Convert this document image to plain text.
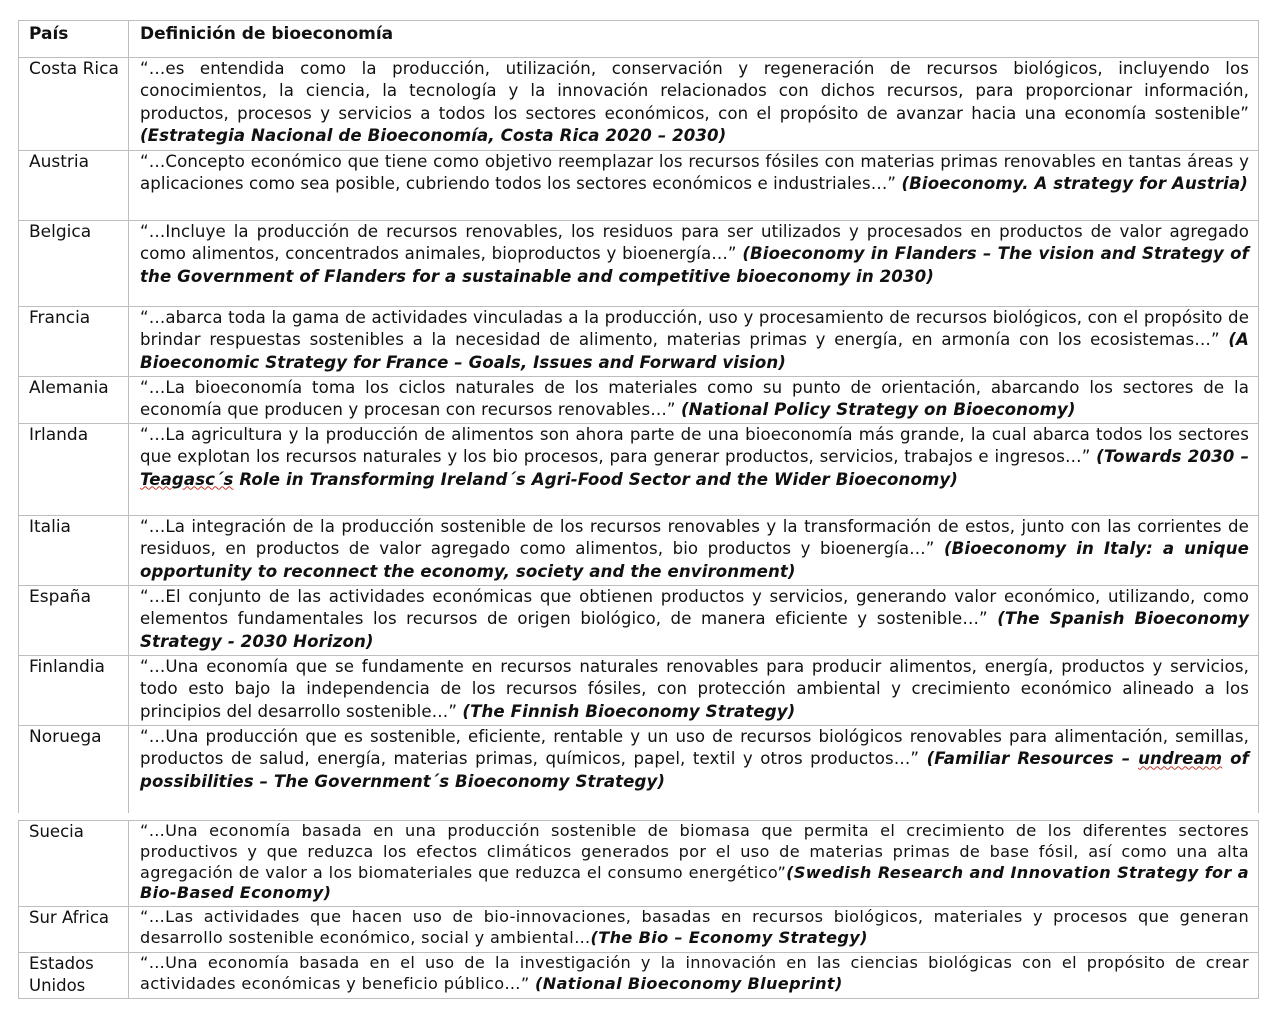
País	Definición de bioeconomía
Costa Rica	“…es entendida como la producción, utilización, conservación y regeneración de recursos biológicos, incluyendo los conocimientos, la ciencia, la tecnología y la innovación relacionados con dichos recursos, para proporcionar información, productos, procesos y servicios a todos los sectores económicos, con el propósito de avanzar hacia una economía sostenible” (Estrategia Nacional de Bioeconomía, Costa Rica 2020 – 2030)
Austria	“…Concepto económico que tiene como objetivo reemplazar los recursos fósiles con materias primas renovables en tantas áreas y aplicaciones como sea posible, cubriendo todos los sectores económicos e industriales…” (Bioeconomy. A strategy for Austria)
Belgica	“…Incluye la producción de recursos renovables, los residuos para ser utilizados y procesados en productos de valor agregado como alimentos, concentrados animales, bioproductos y bioenergía…” (Bioeconomy in Flanders – The vision and Strategy of the Government of Flanders for a sustainable and competitive bioeconomy in 2030)
Francia	“…abarca toda la gama de actividades vinculadas a la producción, uso y procesamiento de recursos biológicos, con el propósito de brindar respuestas sostenibles a la necesidad de alimento, materias primas y energía, en armonía con los ecosistemas…” (A Bioeconomic Strategy for France – Goals, Issues and Forward vision)
Alemania	“…La bioeconomía toma los ciclos naturales de los materiales como su punto de orientación, abarcando los sectores de la economía que producen y procesan con recursos renovables…” (National Policy Strategy on Bioeconomy)
Irlanda	“…La agricultura y la producción de alimentos son ahora parte de una bioeconomía más grande, la cual abarca todos los sectores que explotan los recursos naturales y los bio procesos, para generar productos, servicios, trabajos e ingresos…” (Towards 2030 – Teagasc´s Role in Transforming Ireland´s Agri-Food Sector and the Wider Bioeconomy)
Italia	“…La integración de la producción sostenible de los recursos renovables y la transformación de estos, junto con las corrientes de residuos, en productos de valor agregado como alimentos, bio productos y bioenergía…” (Bioeconomy in Italy: a unique opportunity to reconnect the economy, society and the environment)
España	“…El conjunto de las actividades económicas que obtienen productos y servicios, generando valor económico, utilizando, como elementos fundamentales los recursos de origen biológico, de manera eficiente y sostenible…” (The Spanish Bioeconomy Strategy - 2030 Horizon)
Finlandia	“…Una economía que se fundamente en recursos naturales renovables para producir alimentos, energía, productos y servicios, todo esto bajo la independencia de los recursos fósiles, con protección ambiental y crecimiento económico alineado a los principios del desarrollo sostenible…” (The Finnish Bioeconomy Strategy)
Noruega	“…Una producción que es sostenible, eficiente, rentable y un uso de recursos biológicos renovables para alimentación, semillas, productos de salud, energía, materias primas, químicos, papel, textil y otros productos…” (Familiar Resources – undream of possibilities – The Government´s Bioeconomy Strategy)
Suecia	“…Una economía basada en una producción sostenible de biomasa que permita el crecimiento de los diferentes sectores productivos y que reduzca los efectos climáticos generados por el uso de materias primas de base fósil, así como una alta agregación de valor a los biomateriales que reduzca el consumo energético”(Swedish Research and Innovation Strategy for a Bio-Based Economy)
Sur Africa	“…Las actividades que hacen uso de bio-innovaciones, basadas en recursos biológicos, materiales y procesos que generan desarrollo sostenible económico, social y ambiental…(The Bio – Economy Strategy)
Estados Unidos	“…Una economía basada en el uso de la investigación y la innovación en las ciencias biológicas con el propósito de crear actividades económicas y beneficio público…” (National Bioeconomy Blueprint)
